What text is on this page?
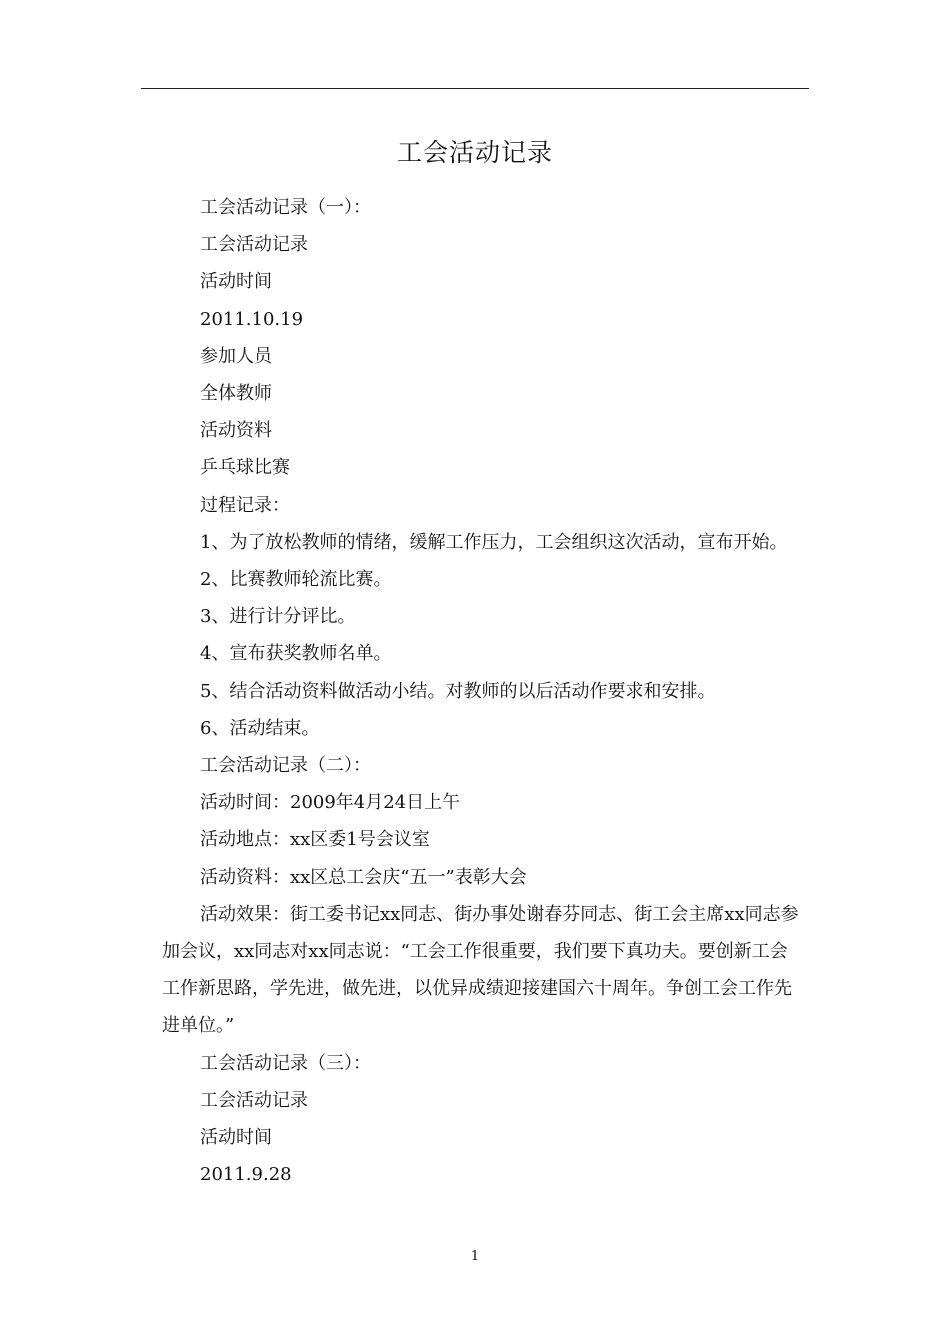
工会活动记录

工会活动记录（一）：

工会活动记录

活动时间

2011.10.19

参加人员

全体教师

活动资料

乒乓球比赛

过程记录：

1、为了放松教师的情绪，缓解工作压力，工会组织这次活动，宣布开始。

2、比赛教师轮流比赛。

3、进行计分评比。

4、宣布获奖教师名单。

5、结合活动资料做活动小结。对教师的以后活动作要求和安排。

6、活动结束。

工会活动记录（二）：

活动时间：2009年4月24日上午

活动地点：xx区委1号会议室

活动资料：xx区总工会庆“五一”表彰大会

活动效果：街工委书记xx同志、街办事处谢春芬同志、街工会主席xx同志参加会议，xx同志对xx同志说：“工会工作很重要，我们要下真功夫。要创新工会工作新思路，学先进，做先进，以优异成绩迎接建国六十周年。争创工会工作先进单位。”

工会活动记录（三）：

工会活动记录

活动时间

2011.9.28

1
